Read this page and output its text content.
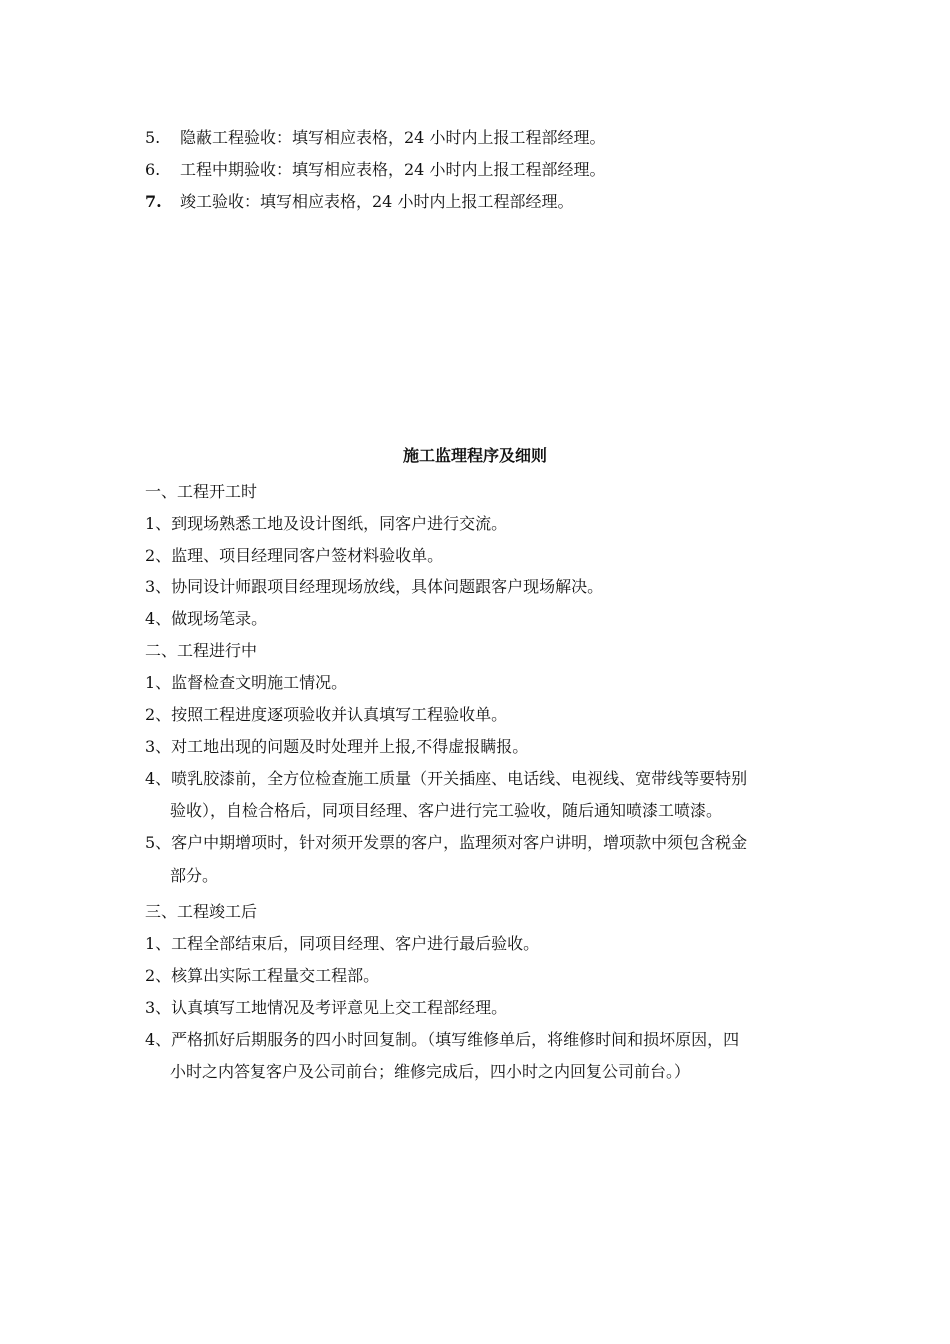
5. 隐蔽工程验收：填写相应表格，24 小时内上报工程部经理。
6. 工程中期验收：填写相应表格，24 小时内上报工程部经理。
7. 竣工验收：填写相应表格，24 小时内上报工程部经理。
施工监理程序及细则
一、工程开工时
1、到现场熟悉工地及设计图纸，同客户进行交流。
2、监理、项目经理同客户签材料验收单。
3、协同设计师跟项目经理现场放线，具体问题跟客户现场解决。
4、做现场笔录。
二、工程进行中
1、监督检查文明施工情况。
2、按照工程进度逐项验收并认真填写工程验收单。
3、对工地出现的问题及时处理并上报,不得虚报瞒报。
4、喷乳胶漆前，全方位检查施工质量（开关插座、电话线、电视线、宽带线等要特别
验收），自检合格后，同项目经理、客户进行完工验收，随后通知喷漆工喷漆。
5、客户中期增项时，针对须开发票的客户，监理须对客户讲明，增项款中须包含税金
部分。
三、工程竣工后
1、工程全部结束后，同项目经理、客户进行最后验收。
2、核算出实际工程量交工程部。
3、认真填写工地情况及考评意见上交工程部经理。
4、严格抓好后期服务的四小时回复制。（填写维修单后，将维修时间和损坏原因，四
小时之内答复客户及公司前台；维修完成后，四小时之内回复公司前台。）
